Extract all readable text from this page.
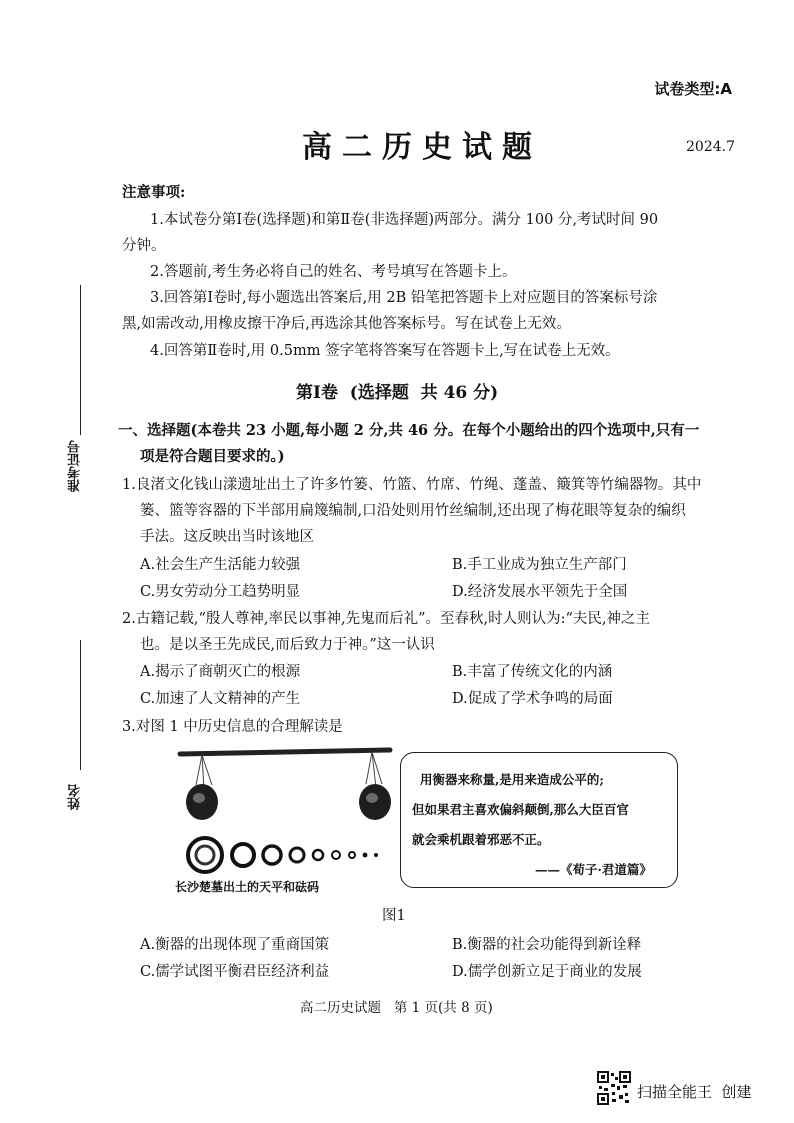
准考证号
姓名
试卷类型:A
高二历史试题	2024.7
注意事项:
1.本试卷分第Ⅰ卷(选择题)和第Ⅱ卷(非选择题)两部分。满分 100 分,考试时间 90
分钟。
2.答题前,考生务必将自己的姓名、考号填写在答题卡上。
3.回答第Ⅰ卷时,每小题选出答案后,用 2B 铅笔把答题卡上对应题目的答案标号涂
黑,如需改动,用橡皮擦干净后,再选涂其他答案标号。写在试卷上无效。
4.回答第Ⅱ卷时,用 0.5mm 签字笔将答案写在答题卡上,写在试卷上无效。
第Ⅰ卷  (选择题  共 46 分)
一、选择题(本卷共 23 小题,每小题 2 分,共 46 分。在每个小题给出的四个选项中,只有一
项是符合题目要求的。)
1.良渚文化钱山漾遗址出土了许多竹篓、竹篮、竹席、竹绳、蓬盖、簸箕等竹编器物。其中
篓、篮等容器的下半部用扁篾编制,口沿处则用竹丝编制,还出现了梅花眼等复杂的编织
手法。这反映出当时该地区
A.社会生产生活能力较强	B.手工业成为独立生产部门
C.男女劳动分工趋势明显	D.经济发展水平领先于全国
2.古籍记载,“殷人尊神,率民以事神,先鬼而后礼”。至春秋,时人则认为:“夫民,神之主
也。是以圣王先成民,而后致力于神。”这一认识
A.揭示了商朝灭亡的根源	B.丰富了传统文化的内涵
C.加速了人文精神的产生	D.促成了学术争鸣的局面
3.对图 1 中历史信息的合理解读是
长沙楚墓出土的天平和砝码
用衡器来称量,是用来造成公平的;
但如果君主喜欢偏斜颠倒,那么大臣百官
就会乘机跟着邪恶不正。
——《荀子·君道篇》
图1
A.衡器的出现体现了重商国策	B.衡器的社会功能得到新诠释
C.儒学试图平衡君臣经济利益	D.儒学创新立足于商业的发展
高二历史试题   第 1 页(共 8 页)
扫描全能王  创建
